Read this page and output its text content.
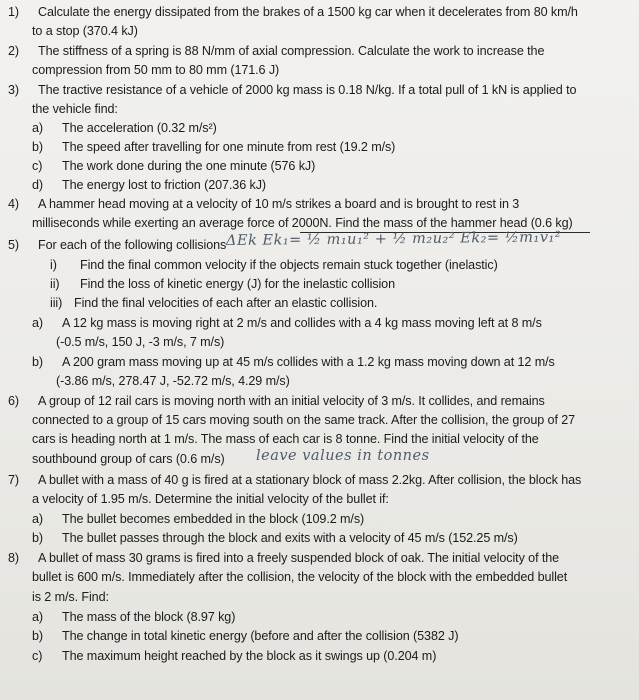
1) Calculate the energy dissipated from the brakes of a 1500 kg car when it decelerates from 80 km/h
to a stop (370.4 kJ)
2) The stiffness of a spring is 88 N/mm of axial compression. Calculate the work to increase the
compression from 50 mm to 80 mm (171.6 J)
3) The tractive resistance of a vehicle of 2000 kg mass is 0.18 N/kg. If a total pull of 1 kN is applied to
the vehicle find:
a) The acceleration (0.32 m/s²)
b) The speed after travelling for one minute from rest (19.2 m/s)
c) The work done during the one minute (576 kJ)
d) The energy lost to friction (207.36 kJ)
4) A hammer head moving at a velocity of 10 m/s strikes a board and is brought to rest in 3
milliseconds while exerting an average force of 2000N. Find the mass of the hammer head (0.6 kg)
5) For each of the following collisions
i) Find the final common velocity if the objects remain stuck together (inelastic)
ii) Find the loss of kinetic energy (J) for the inelastic collision
iii) Find the final velocities of each after an elastic collision.
a) A 12 kg mass is moving right at 2 m/s and collides with a 4 kg mass moving left at 8 m/s
(-0.5 m/s, 150 J, -3 m/s, 7 m/s)
b) A 200 gram mass moving up at 45 m/s collides with a 1.2 kg mass moving down at 12 m/s
(-3.86 m/s, 278.47 J, -52.72 m/s, 4.29 m/s)
6) A group of 12 rail cars is moving north with an initial velocity of 3 m/s. It collides, and remains
connected to a group of 15 cars moving south on the same track. After the collision, the group of 27
cars is heading north at 1 m/s. The mass of each car is 8 tonne. Find the initial velocity of the
southbound group of cars (0.6 m/s)
7) A bullet with a mass of 40 g is fired at a stationary block of mass 2.2kg. After collision, the block has
a velocity of 1.95 m/s. Determine the initial velocity of the bullet if:
a) The bullet becomes embedded in the block (109.2 m/s)
b) The bullet passes through the block and exits with a velocity of 45 m/s (152.25 m/s)
8) A bullet of mass 30 grams is fired into a freely suspended block of oak. The initial velocity of the
bullet is 600 m/s. Immediately after the collision, the velocity of the block with the embedded bullet
is 2 m/s. Find:
a) The mass of the block (8.97 kg)
b) The change in total kinetic energy (before and after the collision (5382 J)
c) The maximum height reached by the block as it swings up (0.204 m)
ΔEk Ek₁= ½ m₁u₁² + ½ m₂u₂² Ek₂= ½m₁v₁²
leave values in tonnes
